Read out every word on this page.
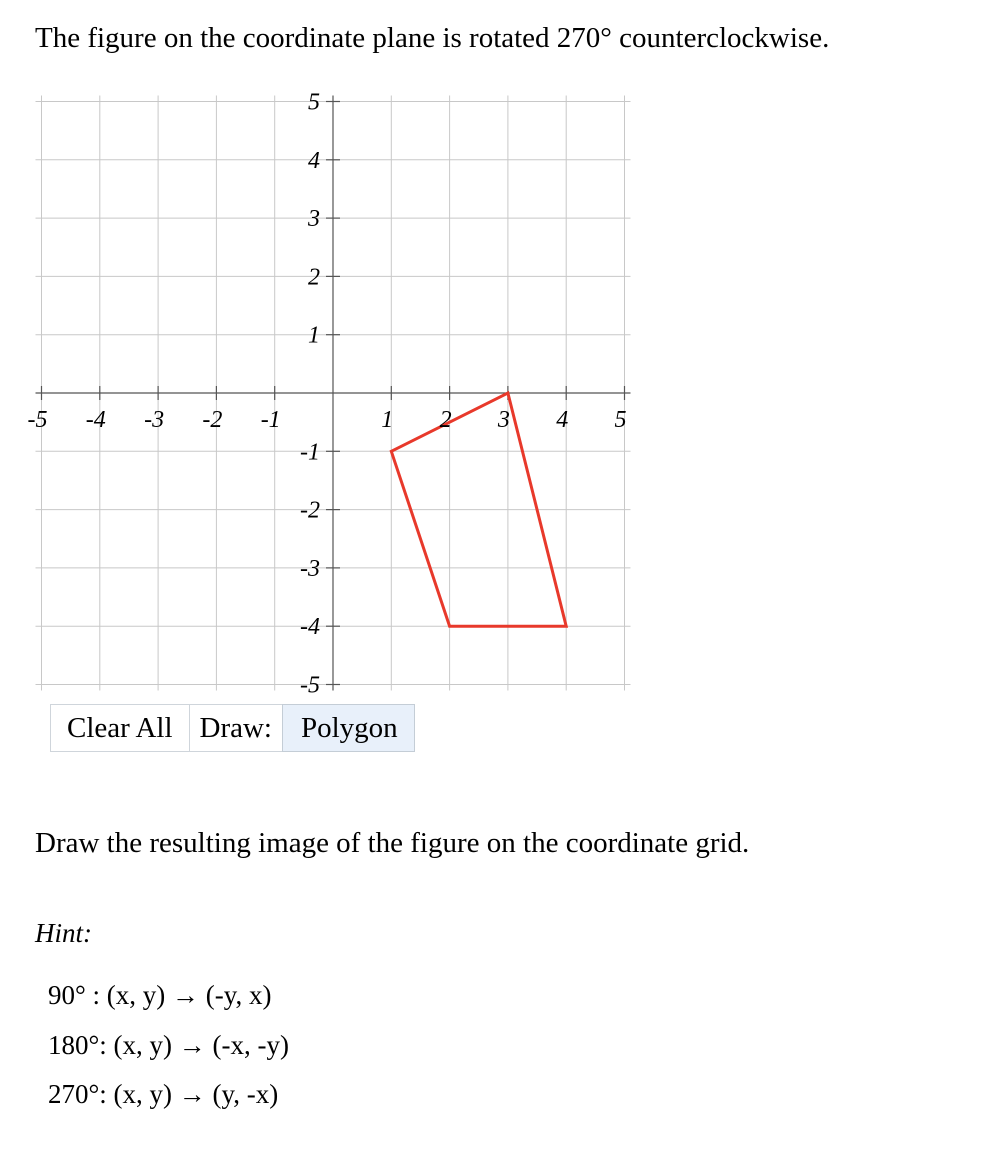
The figure on the coordinate plane is rotated 270° counterclockwise.

-5 -4 -3 -2 -1	1 2 3 4 5
5
4
3
2
1
-1
-2
-3
-4
-5
Clear All Draw:	Polygon

Draw the resulting image of the figure on the coordinate grid.

Hint:

90° : (x, y) → (-y, x)

180°: (x, y) → (-x, -y)

270°: (x, y) → (y, -x)
